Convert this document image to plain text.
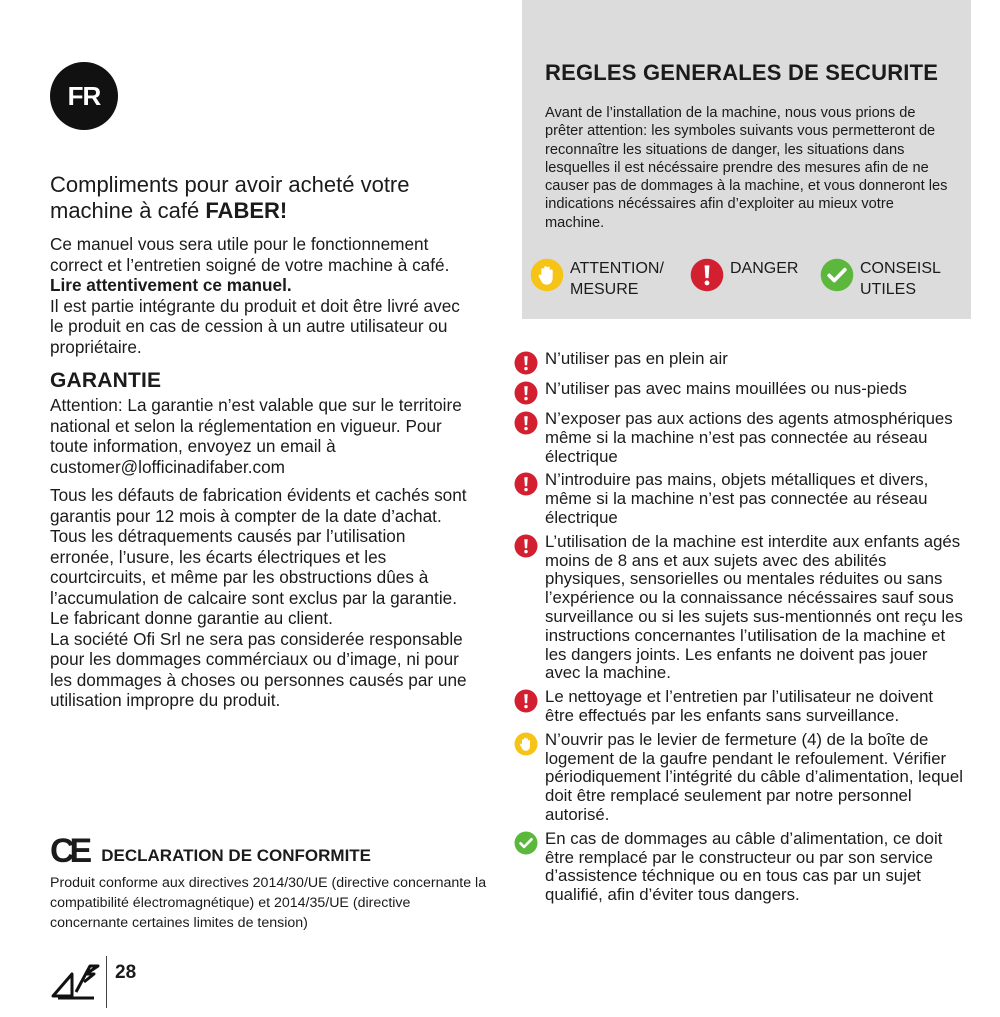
FR
Compliments pour avoir acheté votre machine à café FABER!

Ce manuel vous sera utile pour le fonctionnement correct et l’entretien soigné de votre machine à café.

Lire attentivement ce manuel.

Il est partie intégrante du produit et doit être livré avec le produit en cas de cession à un autre utilisateur ou propriétaire.

GARANTIE

Attention: La garantie n’est valable que sur le territoire national et selon la réglementation en vigueur. Pour toute information, envoyez un email à customer@lofficinadifaber.com

Tous les défauts de fabrication évidents et cachés sont garantis pour 12 mois à compter de la date d’achat. Tous les détraquements causés par l’utilisation erronée, l’usure, les écarts électriques et les courtcircuits, et même par les obstructions dûes à l’accumulation de calcaire sont exclus par la garantie.

Le fabricant donne garantie au client.

La société Ofi Srl ne sera pas considerée responsable pour les dommages commérciaux ou d’image, ni pour les dommages à choses ou personnes causés par une utilisation impropre du produit.

CE DECLARATION DE CONFORMITE
Produit conforme aux directives 2014/30/UE (directive concernante la compatibilité électromagnétique) et 2014/35/UE (directive concernante certaines limites de tension)
28
REGLES GENERALES DE SECURITE
Avant de l’installation de la machine, nous vous prions de prêter attention: les symboles suivants vous permetteront de reconnaître les situations de danger, les situations dans lesquelles il est nécéssaire prendre des mesures afin de ne causer pas de dommages à la machine, et vous donneront les indications nécéssaires afin d’exploiter au mieux votre machine.
ATTENTION/
MESURE
DANGER	CONSEISL
UTILES
N’utiliser pas en plein air
N’utiliser pas avec mains mouillées ou nus-pieds
N’exposer pas aux actions des agents atmosphériques même si la machine n’est pas connectée au réseau électrique
N’introduire pas mains, objets métalliques et divers, même si la machine n’est pas connectée au réseau électrique
L’utilisation de la machine est interdite aux enfants agés moins de 8 ans et aux sujets avec des abilités physiques, sensorielles ou mentales réduites ou sans l’expérience ou la connaissance nécéssaires sauf sous surveillance ou si les sujets sus-mentionnés ont reçu les instructions concernantes l’utilisation de la machine et les dangers joints. Les enfants ne doivent pas jouer avec la machine.
Le nettoyage et l’entretien par l’utilisateur ne doivent être effectués par les enfants sans surveillance.
N’ouvrir pas le levier de fermeture (4) de la boîte de logement de la gaufre pendant le refoulement. Vérifier périodiquement l’intégrité du câble d’alimentation, lequel doit être remplacé seulement par notre personnel autorisé.
En cas de dommages au câble d’alimentation, ce doit être remplacé par le constructeur ou par son service d’assistence téchnique ou en tous cas par un sujet qualifié, afin d’éviter tous dangers.
